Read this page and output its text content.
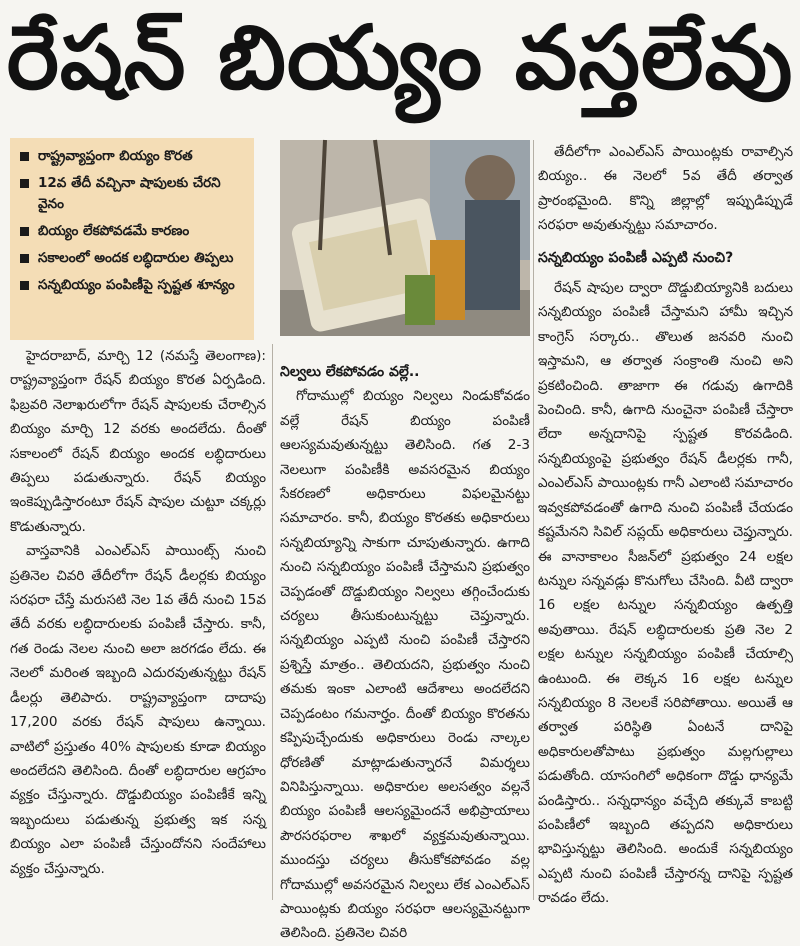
రేషన్ బియ్యం వస్తలేవు
రాష్ట్రవ్యాప్తంగా బియ్యం కొరత
12వ తేదీ వచ్చినా షాపులకు చేరని వైనం
బియ్యం లేకపోవడమే కారణం
సకాలంలో అందక లబ్ధిదారుల తిప్పలు
సన్నబియ్యం పంపిణీపై స్పష్టత శూన్యం

హైదరాబాద్, మార్చి 12 (నమస్తే తెలంగాణ): రాష్ట్రవ్యాప్తంగా రేషన్ బియ్యం కొరత ఏర్పడింది. ఫిబ్రవరి నెలాఖరులోగా రేషన్ షాపులకు చేరాల్సిన బియ్యం మార్చి 12 వరకు అందలేదు. దీంతో సకాలంలో రేషన్ బియ్యం అందక లబ్ధిదారులు తిప్పలు పడుతున్నారు. రేషన్ బియ్యం ఇంకెప్పుడిస్తారంటూ రేషన్ షాపుల చుట్టూ చక్కర్లు కొడుతున్నారు.

వాస్తవానికి ఎంఎల్ఎస్ పాయింట్స్ నుంచి ప్రతినెల చివరి తేదీలోగా రేషన్ డీలర్లకు బియ్యం సరఫరా చేస్తే మరుసటి నెల 1వ తేదీ నుంచి 15వ తేదీ వరకు లబ్ధిదారులకు పంపిణీ చేస్తారు. కానీ, గత రెండు నెలల నుంచి అలా జరగడం లేదు. ఈ నెలలో మరింత ఇబ్బంది ఎదురవుతున్నట్టు రేషన్ డీలర్లు తెలిపారు. రాష్ట్రవ్యాప్తంగా దాదాపు 17,200 వరకు రేషన్ షాపులు ఉన్నాయి. వాటిలో ప్రస్తుతం 40% షాపులకు కూడా బియ్యం అందలేదని తెలిసింది. దీంతో లబ్ధిదారుల ఆగ్రహం వ్యక్తం చేస్తున్నారు. దొడ్డుబియ్యం పంపిణీకే ఇన్ని ఇబ్బందులు పడుతున్న ప్రభుత్వ ఇక సన్న బియ్యం ఎలా పంపిణీ చేస్తుందోనని సందేహాలు వ్యక్తం చేస్తున్నారు.

నిల్వలు లేకపోవడం వల్లే..

గోదాముల్లో బియ్యం నిల్వలు నిండుకోవడం వల్లే రేషన్ బియ్యం పంపిణీ ఆలస్యమవుతున్నట్టు తెలిసింది. గత 2-3 నెలలుగా పంపిణీకి అవసరమైన బియ్యం సేకరణలో అధికారులు విఫలమైనట్టు సమాచారం. కానీ, బియ్యం కొరతకు అధికారులు సన్నబియ్యాన్ని సాకుగా చూపుతున్నారు. ఉగాది నుంచి సన్నబియ్యం పంపిణీ చేస్తామని ప్రభుత్వం చెప్పడంతో దొడ్డుబియ్యం నిల్వలు తగ్గించేందుకు చర్యలు తీసుకుంటున్నట్టు చెప్తున్నారు. సన్నబియ్యం ఎప్పటి నుంచి పంపిణీ చేస్తారని ప్రశ్నిస్తే మాత్రం.. తెలియదని, ప్రభుత్వం నుంచి తమకు ఇంకా ఎలాంటి ఆదేశాలు అందలేదని చెప్పడంటం గమనార్హం. దీంతో బియ్యం కొరతను కప్పిపుచ్చేందుకు అధికారులు రెండు నాల్కల ధోరణితో మాట్లాడుతున్నారనే విమర్శలు వినిపిస్తున్నాయి. అధికారుల అలసత్వం వల్లనే బియ్యం పంపిణీ ఆలస్యమైందనే అభిప్రాయాలు పౌరసరఫరాల శాఖలో వ్యక్తమవుతున్నాయి. ముందస్తు చర్యలు తీసుకోకపోవడం వల్ల గోదాముల్లో అవసరమైన నిల్వలు లేక ఎంఎల్ఎస్ పాయింట్లకు బియ్యం సరఫరా ఆలస్యమైనట్టుగా తెలిసింది. ప్రతినెల చివరి

తేదీలోగా ఎంఎల్ఎస్ పాయింట్లకు రావాల్సిన బియ్యం.. ఈ నెలలో 5వ తేదీ తర్వాత ప్రారంభమైంది. కొన్ని జిల్లాల్లో ఇప్పుడిప్పుడే సరఫరా అవుతున్నట్టు సమాచారం.

సన్నబియ్యం పంపిణీ ఎప్పటి నుంచి?

రేషన్ షాపుల ద్వారా దొడ్డుబియ్యానికి బదులు సన్నబియ్యం పంపిణీ చేస్తామని హామీ ఇచ్చిన కాంగ్రెస్ సర్కారు.. తొలుత జనవరి నుంచి ఇస్తామని, ఆ తర్వాత సంక్రాంతి నుంచి అని ప్రకటించింది. తాజాగా ఈ గడువు ఉగాదికి పెంచింది. కానీ, ఉగాది నుంచైనా పంపిణీ చేస్తారా లేదా అన్నదానిపై స్పష్టత కొరవడింది. సన్నబియ్యంపై ప్రభుత్వం రేషన్ డీలర్లకు గానీ, ఎంఎల్ఎస్ పాయింట్లకు గానీ ఎలాంటి సమాచారం ఇవ్వకపోవడంతో ఉగాది నుంచి పంపిణీ చేయడం కష్టమేనని సివిల్ సప్లయ్ అధికారులు చెప్తున్నారు. ఈ వానాకాలం సీజన్‌లో ప్రభుత్వం 24 లక్షల టన్నుల సన్నవడ్లు కొనుగోలు చేసింది. వీటి ద్వారా 16 లక్షల టన్నుల సన్నబియ్యం ఉత్పత్తి అవుతాయి. రేషన్ లబ్ధిదారులకు ప్రతి నెల 2 లక్షల టన్నుల సన్నబియ్యం పంపిణీ చేయాల్సి ఉంటుంది. ఈ లెక్కన 16 లక్షల టన్నుల సన్నబియ్యం 8 నెలలకే సరిపోతాయి. అయితే ఆ తర్వాత పరిస్థితి ఏంటనే దానిపై అధికారులతోపాటు ప్రభుత్వం మల్లగుల్లాలు పడుతోంది. యాసంగిలో అధికంగా దొడ్డు ధాన్యమే పండిస్తారు.. సన్నధాన్యం వచ్చేది తక్కువే కాబట్టి పంపిణీలో ఇబ్బంది తప్పదని అధికారులు భావిస్తున్నట్టు తెలిసింది. అందుకే సన్నబియ్యం ఎప్పటి నుంచి పంపిణీ చేస్తారన్న దానిపై స్పష్టత రావడం లేదు.
